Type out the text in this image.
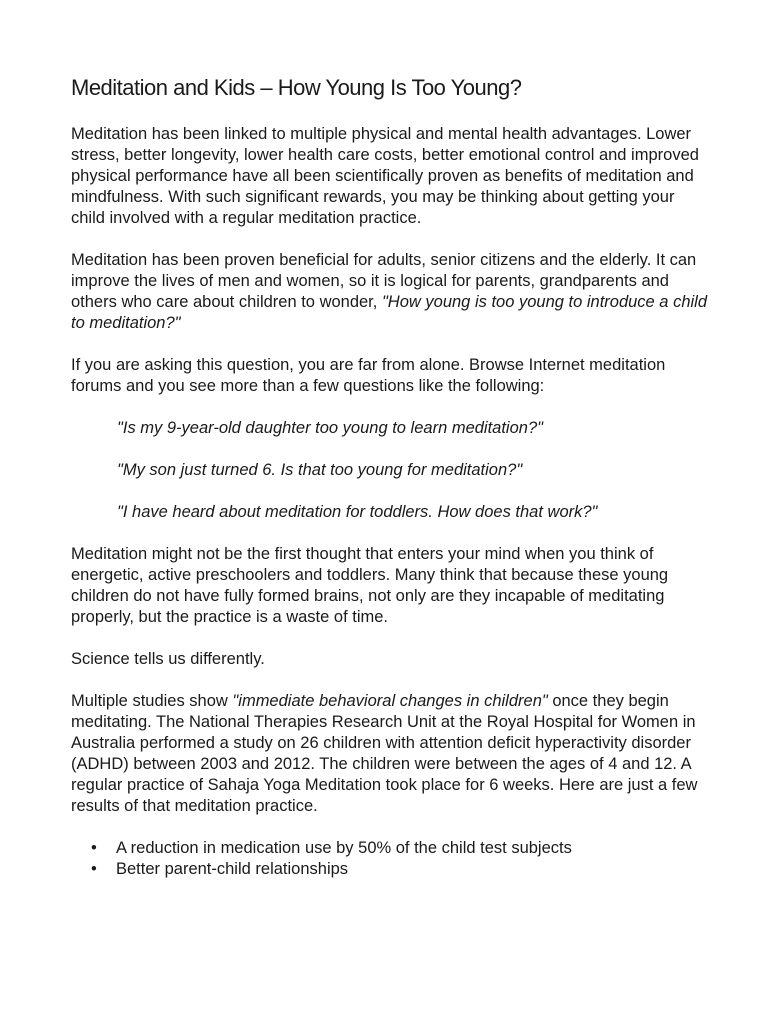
Meditation and Kids – How Young Is Too Young?

Meditation has been linked to multiple physical and mental health advantages. Lower stress, better longevity, lower health care costs, better emotional control and improved physical performance have all been scientifically proven as benefits of meditation and mindfulness. With such significant rewards, you may be thinking about getting your child involved with a regular meditation practice.

Meditation has been proven beneficial for adults, senior citizens and the elderly. It can improve the lives of men and women, so it is logical for parents, grandparents and others who care about children to wonder, "How young is too young to introduce a child to meditation?"

If you are asking this question, you are far from alone. Browse Internet meditation forums and you see more than a few questions like the following:

"Is my 9-year-old daughter too young to learn meditation?"

"My son just turned 6. Is that too young for meditation?"

"I have heard about meditation for toddlers. How does that work?"

Meditation might not be the first thought that enters your mind when you think of energetic, active preschoolers and toddlers. Many think that because these young children do not have fully formed brains, not only are they incapable of meditating properly, but the practice is a waste of time.

Science tells us differently.

Multiple studies show "immediate behavioral changes in children" once they begin meditating. The National Therapies Research Unit at the Royal Hospital for Women in Australia performed a study on 26 children with attention deficit hyperactivity disorder (ADHD) between 2003 and 2012. The children were between the ages of 4 and 12. A regular practice of Sahaja Yoga Meditation took place for 6 weeks. Here are just a few results of that meditation practice.

•	A reduction in medication use by 50% of the child test subjects
•	Better parent-child relationships
